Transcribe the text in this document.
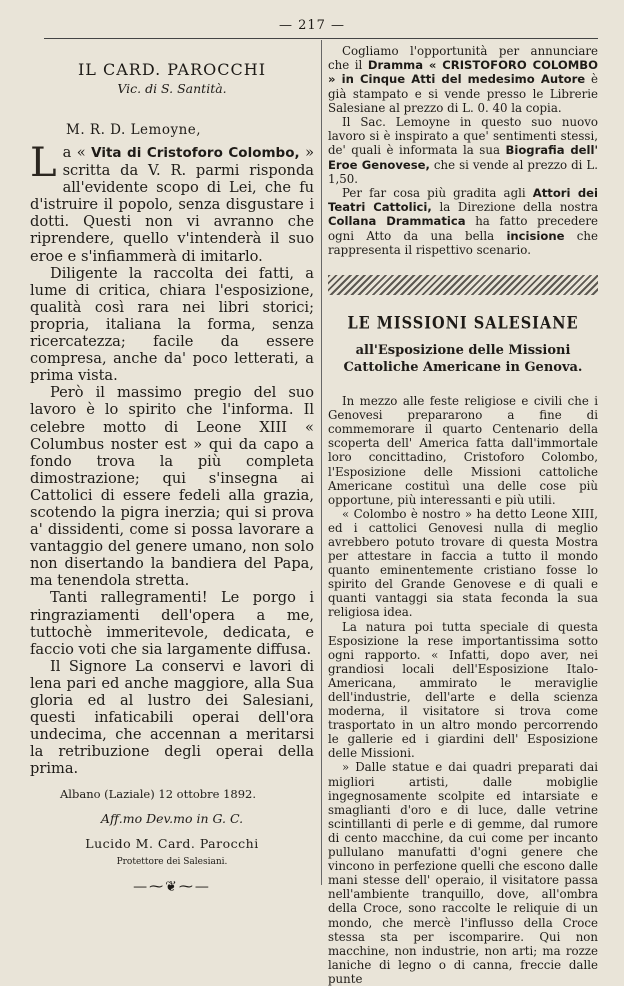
— 217 —
IL CARD. PAROCCHI
Vic. di S. Santità.
M. R. D. Lemoyne,

La « Vita di Cristoforo Colombo, » scritta da V. R. parmi risponda all'evidente scopo di Lei, che fu d'istruire il popolo, senza disgustare i dotti. Questi non vi avranno che riprendere, quello v'intenderà il suo eroe e s'infiammerà di imitarlo.

Diligente la raccolta dei fatti, a lume di critica, chiara l'esposizione, qualità così rara nei libri storici; propria, italiana la forma, senza ricercatezza; facile da essere compresa, anche da' poco letterati, a prima vista.

Però il massimo pregio del suo lavoro è lo spirito che l'informa. Il celebre motto di Leone XIII « Columbus noster est » qui da capo a fondo trova la più completa dimostrazione; qui s'insegna ai Cattolici di essere fedeli alla grazia, scotendo la pigra inerzia; qui si prova a' dissidenti, come si possa lavorare a vantaggio del genere umano, non solo non disertando la bandiera del Papa, ma tenendola stretta.

Tanti rallegramenti! Le porgo i ringraziamenti dell'opera a me, tuttochè immeritevole, dedicata, e faccio voti che sia largamente diffusa.

Il Signore La conservi e lavori di lena pari ed anche maggiore, alla Sua gloria ed al lustro dei Salesiani, questi infaticabili operai dell'ora undecima, che accennan a meritarsi la retribuzione degli operai della prima.

Albano (Laziale) 12 ottobre 1892.
Aff.mo Dev.mo in G. C.
Lucido M. Card. Parocchi
Protettore dei Salesiani.
—⁓❦⁓—

Cogliamo l'opportunità per annunciare che il Dramma « CRISTOFORO COLOMBO » in Cinque Atti del medesimo Autore è già stampato e si vende presso le Librerie Salesiane al prezzo di L. 0. 40 la copia.

Il Sac. Lemoyne in questo suo nuovo lavoro si è inspirato a que' sentimenti stessi, de' quali è informata la sua Biografia dell' Eroe Genovese, che si vende al prezzo di L. 1,50.

Per far cosa più gradita agli Attori dei Teatri Cattolici, la Direzione della nostra Collana Drammatica ha fatto precedere ogni Atto da una bella incisione che rappresenta il rispettivo scenario.

LE MISSIONI SALESIANE
all'Esposizione delle Missioni Cattoliche Americane in Genova.

In mezzo alle feste religiose e civili che i Genovesi prepararono a fine di commemorare il quarto Centenario della scoperta dell' America fatta dall'immortale loro concittadino, Cristoforo Colombo, l'Esposizione delle Missioni cattoliche Americane costituì una delle cose più opportune, più interessanti e più utili.

« Colombo è nostro » ha detto Leone XIII, ed i cattolici Genovesi nulla di meglio avrebbero potuto trovare di questa Mostra per attestare in faccia a tutto il mondo quanto eminentemente cristiano fosse lo spirito del Grande Genovese e di quali e quanti vantaggi sia stata feconda la sua religiosa idea.

La natura poi tutta speciale di questa Esposizione la rese importantissima sotto ogni rapporto. « Infatti, dopo aver, nei grandiosi locali dell'Esposizione Italo-Americana, ammirato le meraviglie dell'industrie, dell'arte e della scienza moderna, il visitatore si trova come trasportato in un altro mondo percorrendo le gallerie ed i giardini dell' Esposizione delle Missioni.

» Dalle statue e dai quadri preparati dai migliori artisti, dalle mobiglie ingegnosamente scolpite ed intarsiate e smaglianti d'oro e di luce, dalle vetrine scintillanti di perle e di gemme, dal rumore di cento macchine, da cui come per incanto pullulano manufatti d'ogni genere che vincono in perfezione quelli che escono dalle mani stesse dell' operaio, il visitatore passa nell'ambiente tranquillo, dove, all'ombra della Croce, sono raccolte le reliquie di un mondo, che mercè l'influsso della Croce stessa sta per iscomparire. Qui non macchine, non industrie, non arti; ma rozze laniche di legno o di canna, freccie dalle punte
